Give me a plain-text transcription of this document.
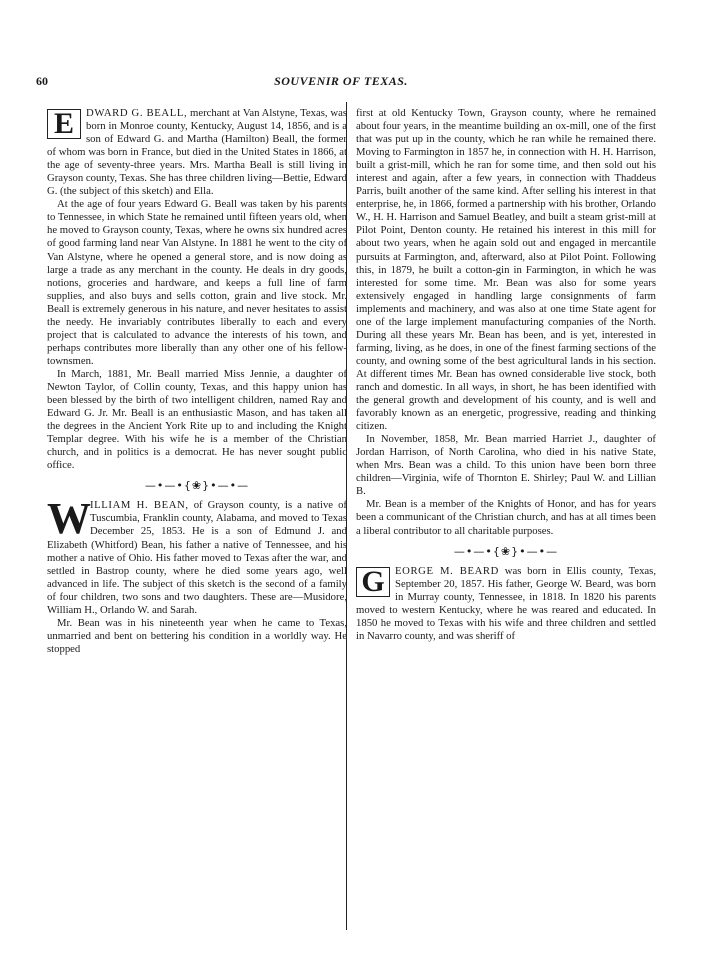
60	SOUVENIR OF TEXAS.

E	DWARD G. BEALL, merchant at Van Alstyne, Texas, was born in Monroe county, Kentucky, August 14, 1856, and is a son of Edward G. and Martha (Hamilton) Beall, the former of whom was born in France, but died in the United States in 1866, at the age of seventy-three years. Mrs. Martha Beall is still living in Grayson county, Texas. She has three children living—Bettie, Edward G. (the subject of this sketch) and Ella.

At the age of four years Edward G. Beall was taken by his parents to Tennessee, in which State he remained until fifteen years old, when he moved to Grayson county, Texas, where he owns six hundred acres of good farming land near Van Alstyne. In 1881 he went to the city of Van Alstyne, where he opened a general store, and is now doing as large a trade as any merchant in the county. He deals in dry goods, notions, groceries and hardware, and keeps a full line of farm supplies, and also buys and sells cotton, grain and live stock. Mr. Beall is extremely generous in his nature, and never hesitates to assist the needy. He invariably contributes liberally to each and every project that is calculated to advance the interests of his town, and perhaps contributes more liberally than any other one of his fellow-townsmen.

In March, 1881, Mr. Beall married Miss Jennie, a daughter of Newton Taylor, of Collin county, Texas, and this happy union has been blessed by the birth of two intelligent children, named Ray and Edward G. Jr. Mr. Beall is an enthusiastic Mason, and has taken all the degrees in the Ancient York Rite up to and including the Knight Templar degree. With his wife he is a member of the Christian church, and in politics is a democrat. He has never sought public office.

—•—•{❀}•—•—

WILLIAM H. BEAN, of Grayson county, is a native of Tuscumbia, Franklin county, Alabama, and moved to Texas December 25, 1853. He is a son of Edmund J. and Elizabeth (Whitford) Bean, his father a native of Tennessee, and his mother a native of Ohio. His father moved to Texas after the war, and settled in Bastrop county, where he died some years ago, well advanced in life. The subject of this sketch is the second of a family of four children, two sons and two daughters. These are—Musidore, William H., Orlando W. and Sarah.

Mr. Bean was in his nineteenth year when he came to Texas, unmarried and bent on bettering his condition in a worldly way. He stopped

first at old Kentucky Town, Grayson county, where he remained about four years, in the meantime building an ox-mill, one of the first that was put up in the county, which he ran while he remained there. Moving to Farmington in 1857 he, in connection with H. H. Harrison, built a grist-mill, which he ran for some time, and then sold out his interest and again, after a few years, in connection with Thaddeus Parris, built another of the same kind. After selling his interest in that enterprise, he, in 1866, formed a partnership with his brother, Orlando W., H. H. Harrison and Samuel Beatley, and built a steam grist-mill at Pilot Point, Denton county. He retained his interest in this mill for about two years, when he again sold out and engaged in mercantile pursuits at Farmington, and, afterward, also at Pilot Point. Following this, in 1879, he built a cotton-gin in Farmington, in which he was interested for some time. Mr. Bean was also for some years extensively engaged in handling large consignments of farm implements and machinery, and was also at one time State agent for one of the large implement manufacturing companies of the North. During all these years Mr. Bean has been, and is yet, interested in farming, living, as he does, in one of the finest farming sections of the county, and owning some of the best agricultural lands in his section. At different times Mr. Bean has owned considerable live stock, both ranch and domestic. In all ways, in short, he has been identified with the general growth and development of his county, and is well and favorably known as an energetic, progressive, reading and thinking citizen.

In November, 1858, Mr. Bean married Harriet J., daughter of Jordan Harrison, of North Carolina, who died in his native State, when Mrs. Bean was a child. To this union have been born three children—Virginia, wife of Thornton E. Shirley; Paul W. and Lillian B.

Mr. Bean is a member of the Knights of Honor, and has for years been a communicant of the Christian church, and has at all times been a liberal contributor to all charitable purposes.

—•—•{❀}•—•—

G EORGE M. BEARD was born in Ellis county, Texas, September 20, 1857. His father, George W. Beard, was born in Murray county, Tennessee, in 1818. In 1820 his parents moved to western Kentucky, where he was reared and educated. In 1850 he moved to Texas with his wife and three children and settled in Navarro county, and was sheriff of
